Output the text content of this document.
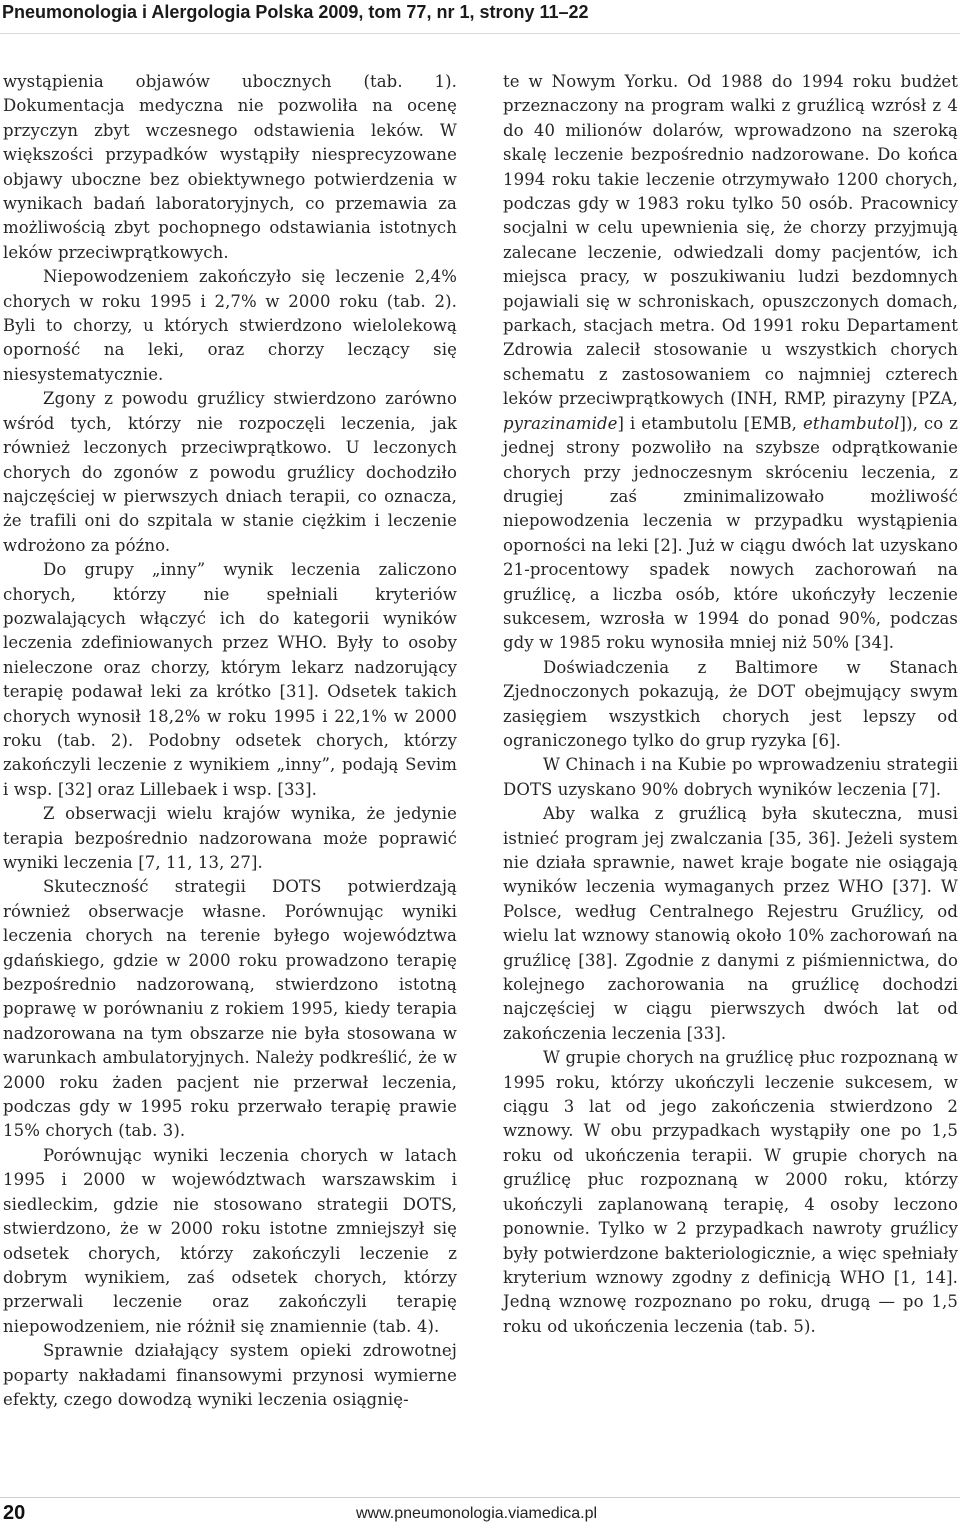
Pneumonologia i Alergologia Polska 2009, tom 77, nr 1, strony 11–22

wystąpienia objawów ubocznych (tab. 1). Dokumentacja medyczna nie pozwoliła na ocenę przyczyn zbyt wczesnego odstawienia leków. W większości przypadków wystąpiły niesprecyzowane objawy uboczne bez obiektywnego potwierdzenia w wynikach badań laboratoryjnych, co przemawia za możliwością zbyt pochopnego odstawiania istotnych leków przeciwprątkowych.

Niepowodzeniem zakończyło się leczenie 2,4% chorych w roku 1995 i 2,7% w 2000 roku (tab. 2). Byli to chorzy, u których stwierdzono wielolekową oporność na leki, oraz chorzy leczący się niesystematycznie.

Zgony z powodu gruźlicy stwierdzono zarówno wśród tych, którzy nie rozpoczęli leczenia, jak również leczonych przeciwprątkowo. U leczonych chorych do zgonów z powodu gruźlicy dochodziło najczęściej w pierwszych dniach terapii, co oznacza, że trafili oni do szpitala w stanie ciężkim i leczenie wdrożono za późno.

Do grupy „inny” wynik leczenia zaliczono chorych, którzy nie spełniali kryteriów pozwalających włączyć ich do kategorii wyników leczenia zdefiniowanych przez WHO. Były to osoby nieleczone oraz chorzy, którym lekarz nadzorujący terapię podawał leki za krótko [31]. Odsetek takich chorych wynosił 18,2% w roku 1995 i 22,1% w 2000 roku (tab. 2). Podobny odsetek chorych, którzy zakończyli leczenie z wynikiem „inny”, podają Sevim i wsp. [32] oraz Lillebaek i wsp. [33].

Z obserwacji wielu krajów wynika, że jedynie terapia bezpośrednio nadzorowana może poprawić wyniki leczenia [7, 11, 13, 27].

Skuteczność strategii DOTS potwierdzają również obserwacje własne. Porównując wyniki leczenia chorych na terenie byłego województwa gdańskiego, gdzie w 2000 roku prowadzono terapię bezpośrednio nadzorowaną, stwierdzono istotną poprawę w porównaniu z rokiem 1995, kiedy terapia nadzorowana na tym obszarze nie była stosowana w warunkach ambulatoryjnych. Należy podkreślić, że w 2000 roku żaden pacjent nie przerwał leczenia, podczas gdy w 1995 roku przerwało terapię prawie 15% chorych (tab. 3).

Porównując wyniki leczenia chorych w latach 1995 i 2000 w województwach warszawskim i siedleckim, gdzie nie stosowano strategii DOTS, stwierdzono, że w 2000 roku istotne zmniejszył się odsetek chorych, którzy zakończyli leczenie z dobrym wynikiem, zaś odsetek chorych, którzy przerwali leczenie oraz zakończyli terapię niepowodzeniem, nie różnił się znamiennie (tab. 4).

Sprawnie działający system opieki zdrowotnej poparty nakładami finansowymi przynosi wymierne efekty, czego dowodzą wyniki leczenia osiągnię-

te w Nowym Yorku. Od 1988 do 1994 roku budżet przeznaczony na program walki z gruźlicą wzrósł z 4 do 40 milionów dolarów, wprowadzono na szeroką skalę leczenie bezpośrednio nadzorowane. Do końca 1994 roku takie leczenie otrzymywało 1200 chorych, podczas gdy w 1983 roku tylko 50 osób. Pracownicy socjalni w celu upewnienia się, że chorzy przyjmują zalecane leczenie, odwiedzali domy pacjentów, ich miejsca pracy, w poszukiwaniu ludzi bezdomnych pojawiali się w schroniskach, opuszczonych domach, parkach, stacjach metra. Od 1991 roku Departament Zdrowia zalecił stosowanie u wszystkich chorych schematu z zastosowaniem co najmniej czterech leków przeciwprątkowych (INH, RMP, pirazyny [PZA, pyrazinamide] i etambutolu [EMB, ethambutol]), co z jednej strony pozwoliło na szybsze odprątkowanie chorych przy jednoczesnym skróceniu leczenia, z drugiej zaś zminimalizowało możliwość niepowodzenia leczenia w przypadku wystąpienia oporności na leki [2]. Już w ciągu dwóch lat uzyskano 21-procentowy spadek nowych zachorowań na gruźlicę, a liczba osób, które ukończyły leczenie sukcesem, wzrosła w 1994 do ponad 90%, podczas gdy w 1985 roku wynosiła mniej niż 50% [34].

Doświadczenia z Baltimore w Stanach Zjednoczonych pokazują, że DOT obejmujący swym zasięgiem wszystkich chorych jest lepszy od ograniczonego tylko do grup ryzyka [6].

W Chinach i na Kubie po wprowadzeniu strategii DOTS uzyskano 90% dobrych wyników leczenia [7].

Aby walka z gruźlicą była skuteczna, musi istnieć program jej zwalczania [35, 36]. Jeżeli system nie działa sprawnie, nawet kraje bogate nie osiągają wyników leczenia wymaganych przez WHO [37]. W Polsce, według Centralnego Rejestru Gruźlicy, od wielu lat wznowy stanowią około 10% zachorowań na gruźlicę [38]. Zgodnie z danymi z piśmiennictwa, do kolejnego zachorowania na gruźlicę dochodzi najczęściej w ciągu pierwszych dwóch lat od zakończenia leczenia [33].

W grupie chorych na gruźlicę płuc rozpoznaną w 1995 roku, którzy ukończyli leczenie sukcesem, w ciągu 3 lat od jego zakończenia stwierdzono 2 wznowy. W obu przypadkach wystąpiły one po 1,5 roku od ukończenia terapii. W grupie chorych na gruźlicę płuc rozpoznaną w 2000 roku, którzy ukończyli zaplanowaną terapię, 4 osoby leczono ponownie. Tylko w 2 przypadkach nawroty gruźlicy były potwierdzone bakteriologicznie, a więc spełniały kryterium wznowy zgodny z definicją WHO [1, 14]. Jedną wznowę rozpoznano po roku, drugą — po 1,5 roku od ukończenia leczenia (tab. 5).

20	www.pneumonologia.viamedica.pl
